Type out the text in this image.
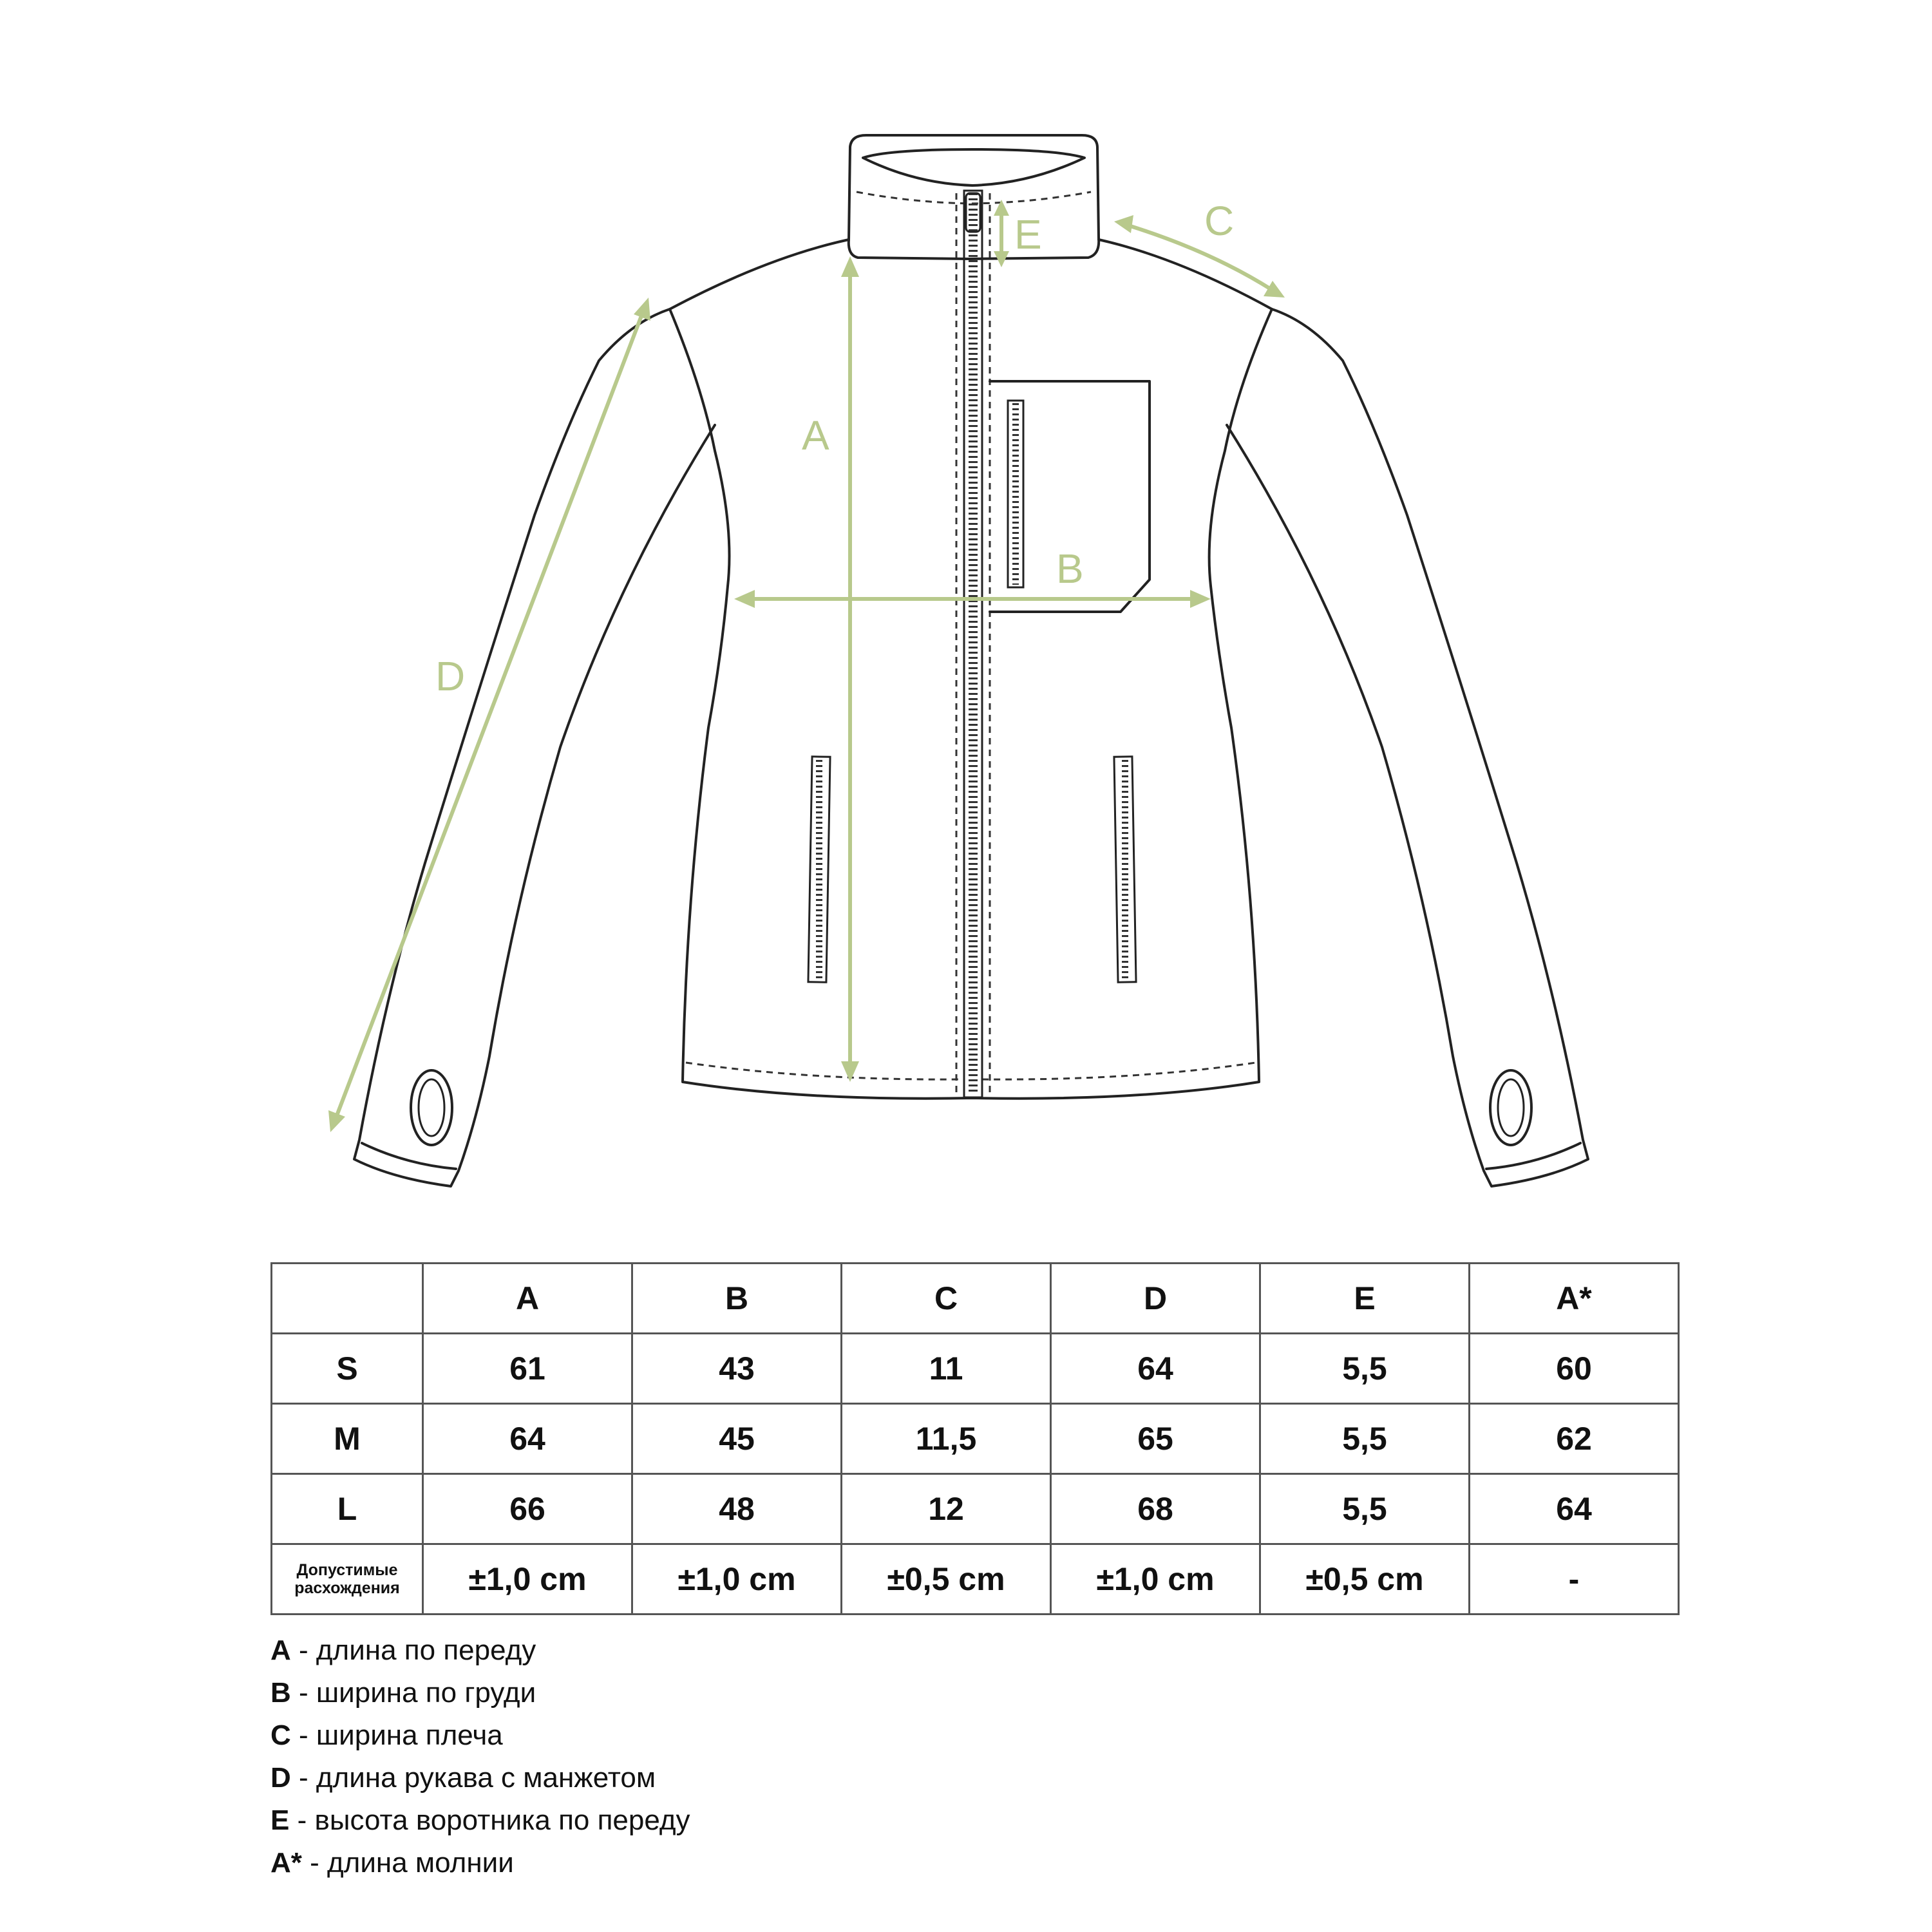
A
B
C
D
E
	A	B	C	D	E	A*
S	61	43	11	64	5,5	60
M	64	45	11,5	65	5,5	62
L	66	48	12	68	5,5	64

Допустимые
расхождения	±1,0 cm	±1,0 cm	±0,5 cm	±1,0 cm	±0,5 cm	-
A - длина по переду
B - ширина по груди
C - ширина плеча
D - длина рукава с манжетом
E - высота воротника по переду
A* - длина молнии
